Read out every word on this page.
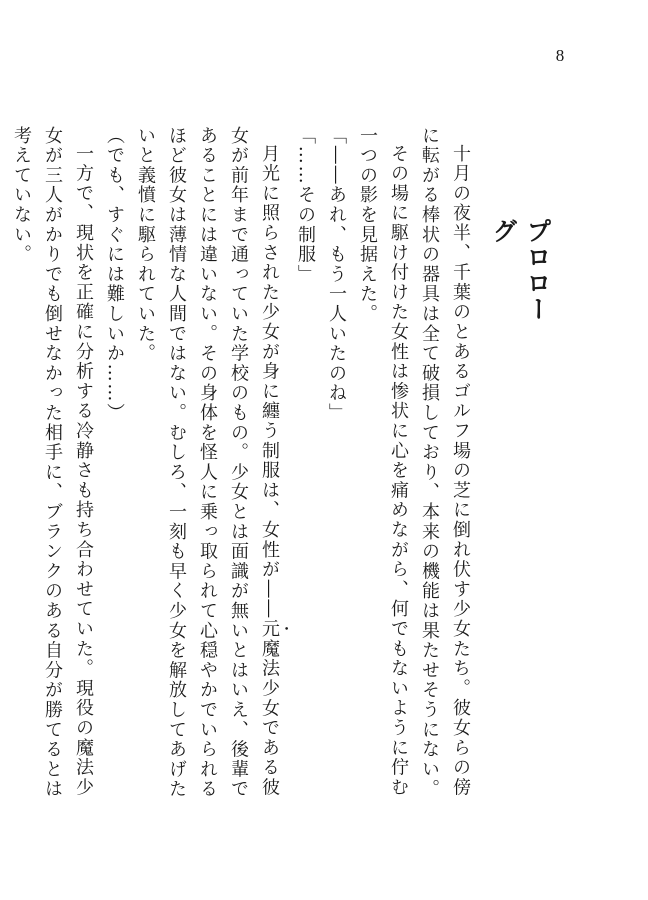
8
プロローグ

十月の夜半、千葉のとあるゴルフ場の芝に倒れ伏す少女たち。彼女らの傍に転がる棒状の器具は全て破損しており、本来の機能は果たせそうにない。

その場に駆け付けた女性は惨状に心を痛めながら、何でもないように佇む一つの影を見据えた。

「――あれ、もう一人いたのね」

「……その制服」

月光に照らされた少女が身に纏う制服は、女性が――元魔法少女である彼女が前年まで通っていた学校のもの。少女とは面識が無いとはいえ、後輩であることには違いない。その身体を怪人に乗っ取られて心穏やかでいられるほど彼女は薄情な人間ではない。むしろ、一刻も早く少女を解放してあげたいと義憤に駆られていた。

（でも、すぐには難しいか……）

一方で、現状を正確に分析する冷静さも持ち合わせていた。現役の魔法少女が三人がかりでも倒せなかった相手に、ブランクのある自分が勝てるとは考えていない。
